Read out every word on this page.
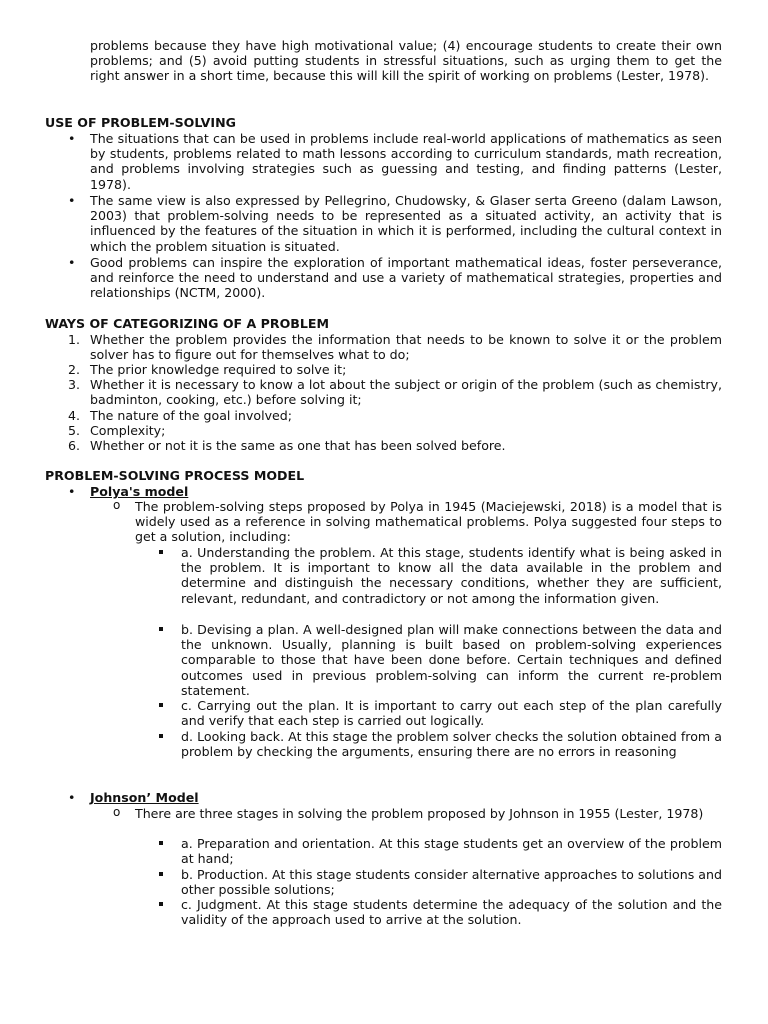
problems because they have high motivational value; (4) encourage students to create their own problems; and (5) avoid putting students in stressful situations, such as urging them to get the right answer in a short time, because this will kill the spirit of working on problems (Lester, 1978).

USE OF PROBLEM-SOLVING

• The situations that can be used in problems include real-world applications of mathematics as seen by students, problems related to math lessons according to curriculum standards, math recreation, and problems involving strategies such as guessing and testing, and finding patterns (Lester, 1978).

• The same view is also expressed by Pellegrino, Chudowsky, & Glaser serta Greeno (dalam Lawson, 2003) that problem-solving needs to be represented as a situated activity, an activity that is influenced by the features of the situation in which it is performed, including the cultural context in which the problem situation is situated.

• Good problems can inspire the exploration of important mathematical ideas, foster perseverance, and reinforce the need to understand and use a variety of mathematical strategies, properties and relationships (NCTM, 2000).

WAYS OF CATEGORIZING OF A PROBLEM
1. Whether the problem provides the information that needs to be known to solve it or the problem solver has to figure out for themselves what to do;
2. The prior knowledge required to solve it;
3. Whether it is necessary to know a lot about the subject or origin of the problem (such as chemistry, badminton, cooking, etc.) before solving it;
4. The nature of the goal involved;
5. Complexity;
6. Whether or not it is the same as one that has been solved before.
PROBLEM-SOLVING PROCESS MODEL
• Polya's model

o The problem-solving steps proposed by Polya in 1945 (Maciejewski, 2018) is a model that is widely used as a reference in solving mathematical problems. Polya suggested four steps to get a solution, including:

a. Understanding the problem. At this stage, students identify what is being asked in the problem. It is important to know all the data available in the problem and determine and distinguish the necessary conditions, whether they are sufficient, relevant, redundant, and contradictory or not among the information given.

b. Devising a plan. A well-designed plan will make connections between the data and the unknown. Usually, planning is built based on problem-solving experiences comparable to those that have been done before. Certain techniques and defined outcomes used in previous problem-solving can inform the current re-problem statement.

c. Carrying out the plan. It is important to carry out each step of the plan carefully and verify that each step is carried out logically.

d. Looking back. At this stage the problem solver checks the solution obtained from a problem by checking the arguments, ensuring there are no errors in reasoning

• Johnson’ Model

o There are three stages in solving the problem proposed by Johnson in 1955 (Lester, 1978)

a. Preparation and orientation. At this stage students get an overview of the problem at hand;

b. Production. At this stage students consider alternative approaches to solutions and other possible solutions;

c. Judgment. At this stage students determine the adequacy of the solution and the validity of the approach used to arrive at the solution.
